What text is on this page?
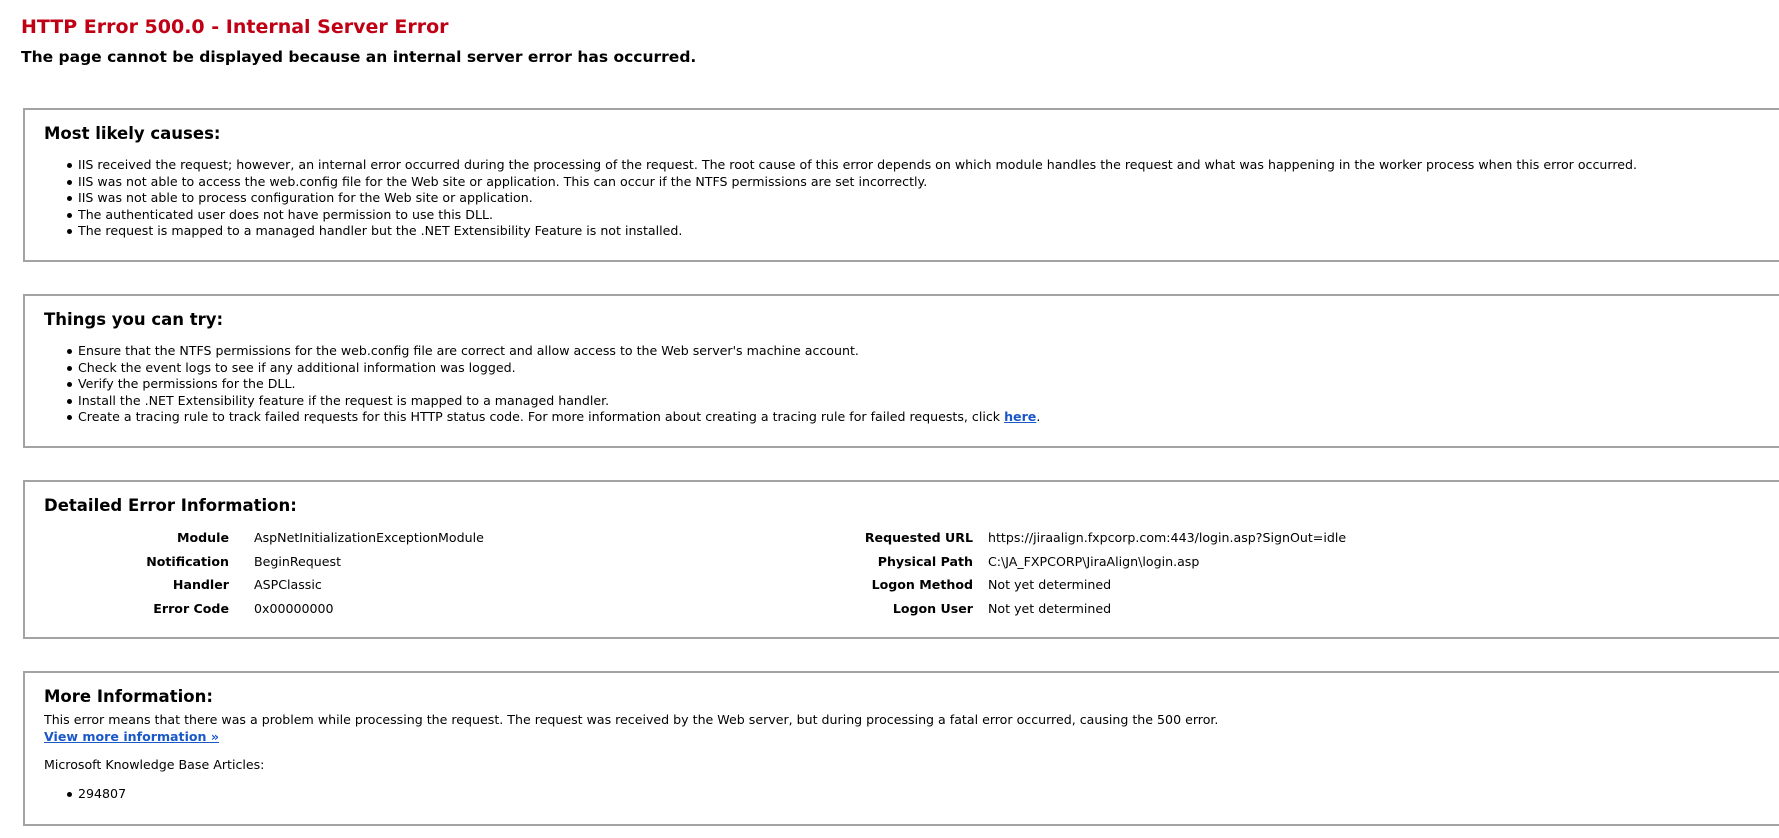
HTTP Error 500.0 - Internal Server Error
The page cannot be displayed because an internal server error has occurred.
Most likely causes:
IIS received the request; however, an internal error occurred during the processing of the request. The root cause of this error depends on which module handles the request and what was happening in the worker process when this error occurred.
IIS was not able to access the web.config file for the Web site or application. This can occur if the NTFS permissions are set incorrectly.
IIS was not able to process configuration for the Web site or application.
The authenticated user does not have permission to use this DLL.
The request is mapped to a managed handler but the .NET Extensibility Feature is not installed.
Things you can try:
Ensure that the NTFS permissions for the web.config file are correct and allow access to the Web server's machine account.
Check the event logs to see if any additional information was logged.
Verify the permissions for the DLL.
Install the .NET Extensibility feature if the request is mapped to a managed handler.
Create a tracing rule to track failed requests for this HTTP status code. For more information about creating a tracing rule for failed requests, click here.
Detailed Error Information:
Module AspNetInitializationExceptionModule	Requested URL https://jiraalign.fxpcorp.com:443/login.asp?SignOut=idle
Notification BeginRequest	Physical Path C:\JA_FXPCORP\JiraAlign\login.asp
Handler ASPClassic	Logon Method Not yet determined
Error Code 0x00000000	Logon User Not yet determined
More Information:

This error means that there was a problem while processing the request. The request was received by the Web server, but during processing a fatal error occurred, causing the 500 error.

View more information »

Microsoft Knowledge Base Articles:

294807
